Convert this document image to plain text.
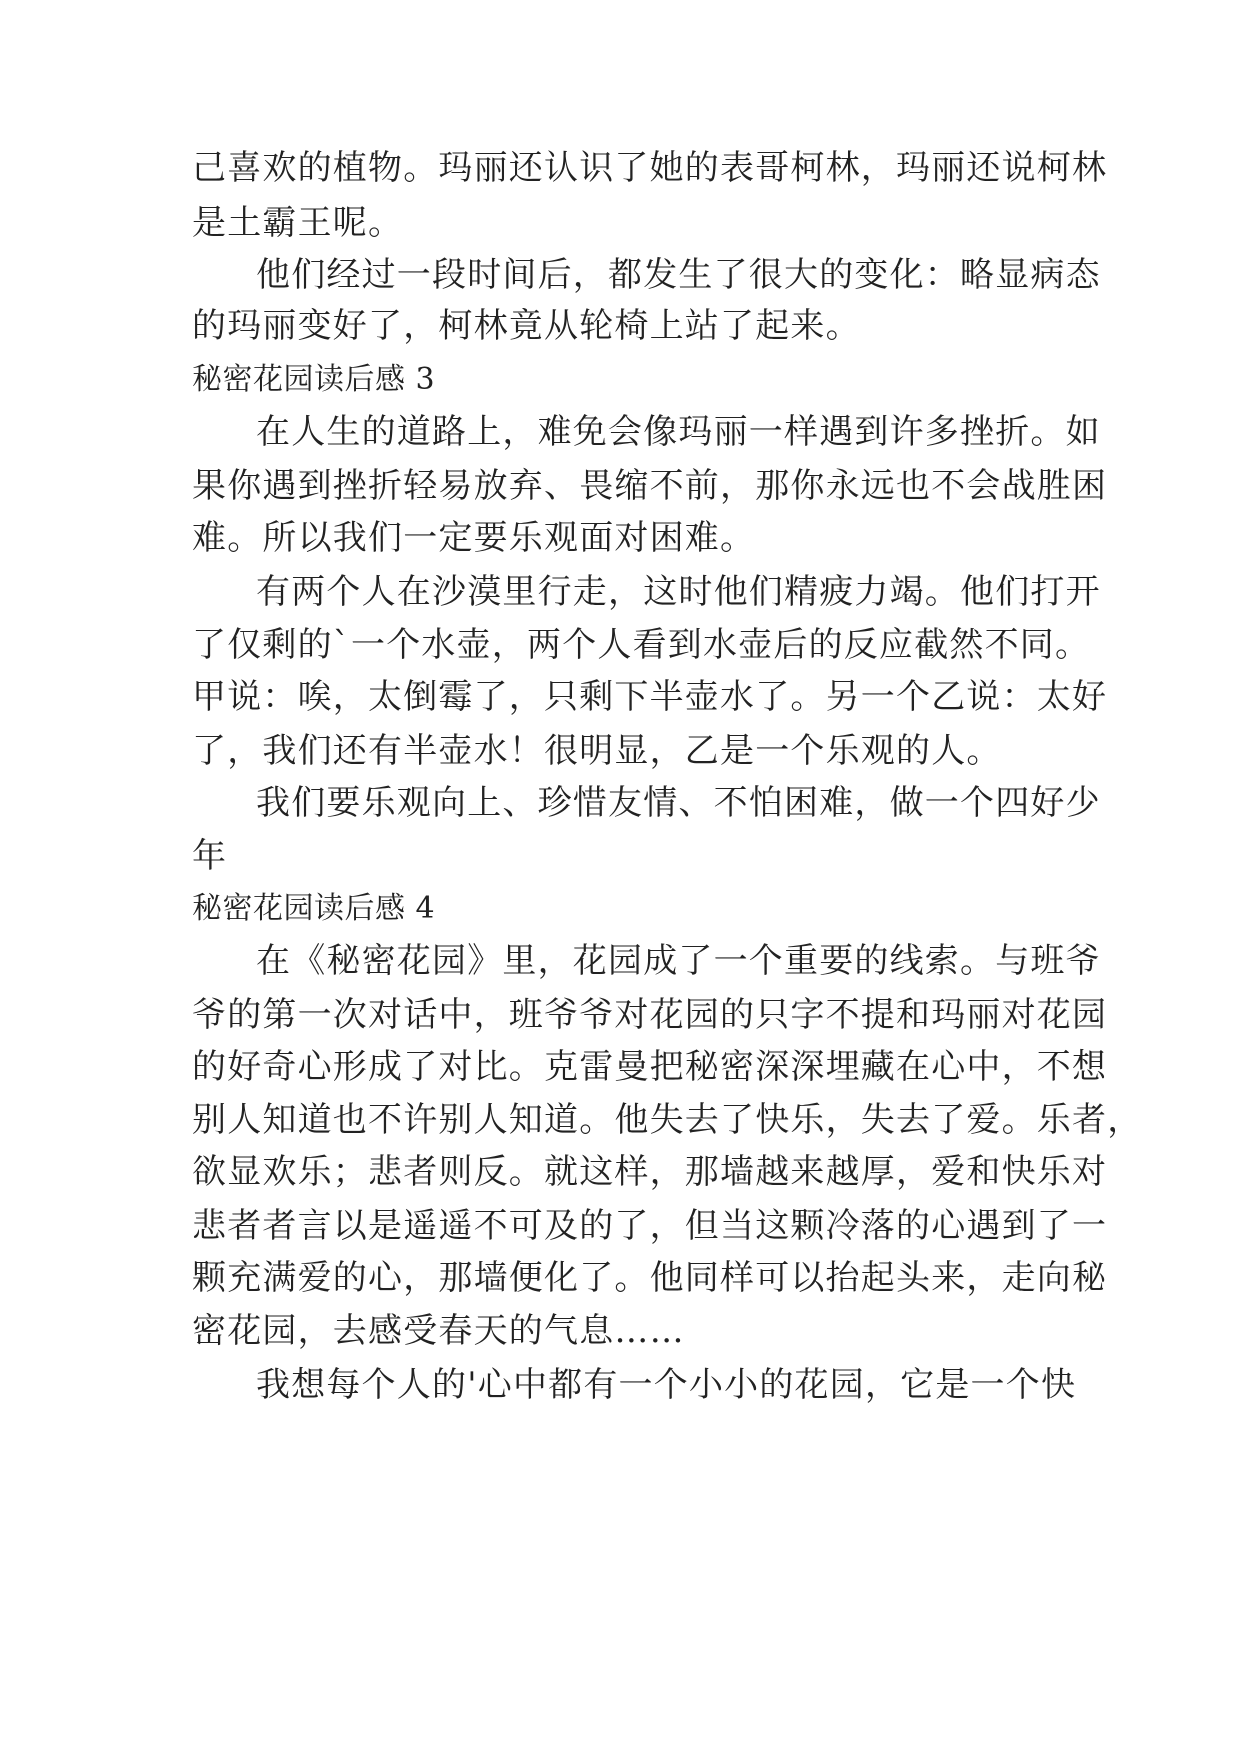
己喜欢的植物。玛丽还认识了她的表哥柯林，玛丽还说柯林
是土霸王呢。
他们经过一段时间后，都发生了很大的变化：略显病态
的玛丽变好了，柯林竟从轮椅上站了起来。
秘密花园读后感 3
在人生的道路上，难免会像玛丽一样遇到许多挫折。如
果你遇到挫折轻易放弃、畏缩不前，那你永远也不会战胜困
难。所以我们一定要乐观面对困难。
有两个人在沙漠里行走，这时他们精疲力竭。他们打开
了仅剩的`一个水壶，两个人看到水壶后的反应截然不同。
甲说：唉，太倒霉了，只剩下半壶水了。另一个乙说：太好
了，我们还有半壶水！很明显，乙是一个乐观的人。
我们要乐观向上、珍惜友情、不怕困难，做一个四好少
年
秘密花园读后感 4
在《秘密花园》里，花园成了一个重要的线索。与班爷
爷的第一次对话中，班爷爷对花园的只字不提和玛丽对花园
的好奇心形成了对比。克雷曼把秘密深深埋藏在心中，不想
别人知道也不许别人知道。他失去了快乐，失去了爱。乐者，
欲显欢乐；悲者则反。就这样，那墙越来越厚，爱和快乐对
悲者者言以是遥遥不可及的了，但当这颗冷落的心遇到了一
颗充满爱的心，那墙便化了。他同样可以抬起头来，走向秘
密花园，去感受春天的气息……
我想每个人的'心中都有一个小小的花园，它是一个快
